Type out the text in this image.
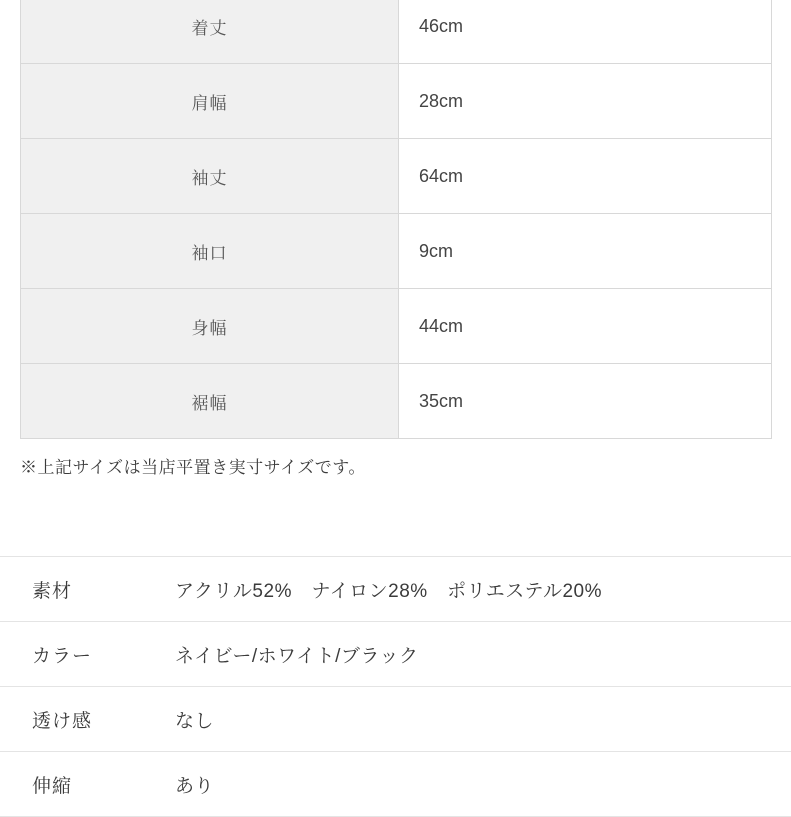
着丈	46cm
肩幅	28cm
袖丈	64cm
袖口	9cm
身幅	44cm
裾幅	35cm
※上記サイズは当店平置き実寸サイズです。
素材	アクリル52%　ナイロン28%　ポリエステル20%
カラー	ネイビー/ホワイト/ブラック
透け感	なし
伸縮	あり
